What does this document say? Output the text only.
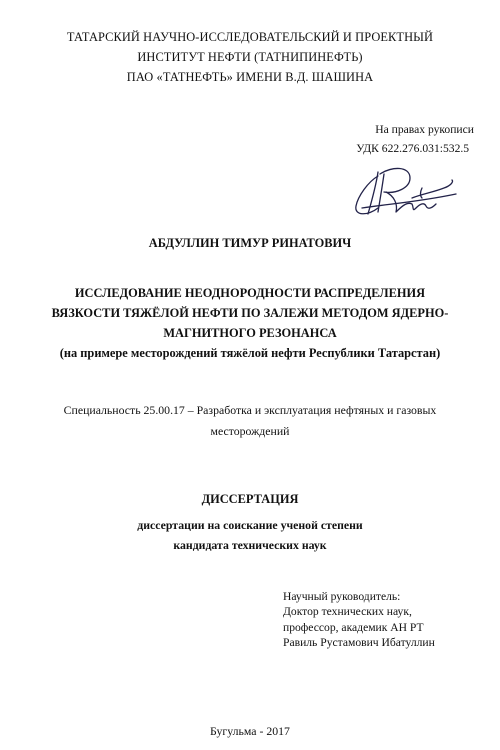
ТАТАРСКИЙ НАУЧНО-ИССЛЕДОВАТЕЛЬСКИЙ И ПРОЕКТНЫЙ
ИНСТИТУТ НЕФТИ (ТАТНИПИНЕФТЬ)
ПАО «ТАТНЕФТЬ» ИМЕНИ В.Д. ШАШИНА
На правах рукописи
УДК 622.276.031:532.5
АБДУЛЛИН ТИМУР РИНАТОВИЧ
ИССЛЕДОВАНИЕ НЕОДНОРОДНОСТИ РАСПРЕДЕЛЕНИЯ
ВЯЗКОСТИ ТЯЖЁЛОЙ НЕФТИ ПО ЗАЛЕЖИ МЕТОДОМ ЯДЕРНО-
МАГНИТНОГО РЕЗОНАНСА
(на примере месторождений тяжёлой нефти Республики Татарстан)
Специальность 25.00.17 – Разработка и эксплуатация нефтяных и газовых
месторождений
ДИССЕРТАЦИЯ
диссертации на соискание ученой степени
кандидата технических наук
Научный руководитель:
Доктор технических наук,
профессор, академик АН РТ
Равиль Рустамович Ибатуллин
Бугульма - 2017
